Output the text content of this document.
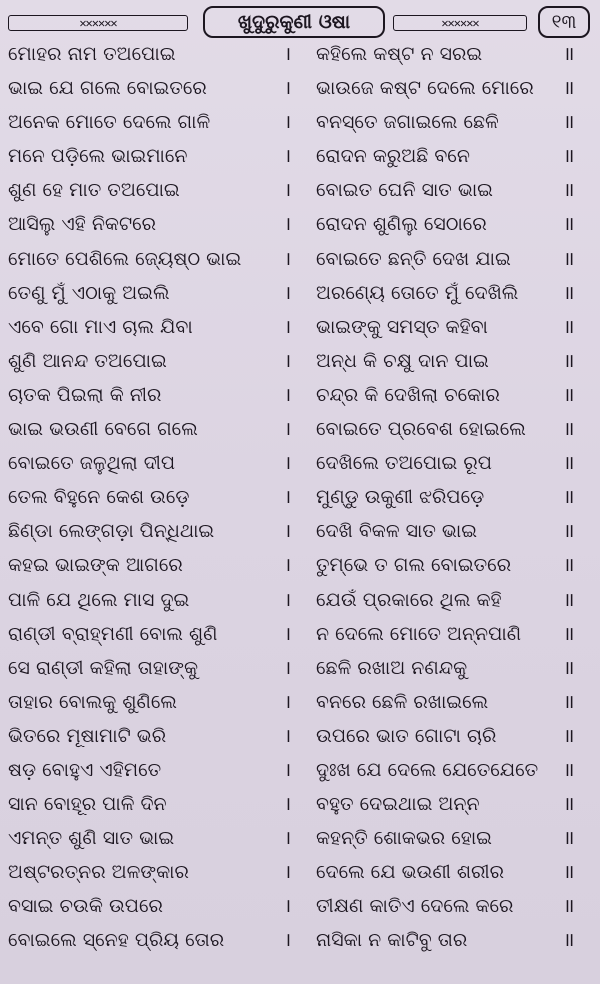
✕✕✕✕✕✕	ଖୁଦୁରୁକୁଣୀ ଓଷା	✕✕✕✕✕✕	୧୩
ମୋହର ନାମ ତଅପୋଇ	। କହିଲେ କଷ୍ଟ ନ ସରଇ	॥
ଭାଇ ଯେ ଗଲେ ବୋଇତରେ	। ଭାଉଜେ କଷ୍ଟ ଦେଲେ ମୋରେ ॥
ଅନେକ ମୋତେ ଦେଲେ ଗାଳି	। ବନସ୍ତେ ଜଗାଇଲେ ଛେଳି	॥
ମନେ ପଡ଼ିଲେ ଭାଇମାନେ	। ରୋଦନ କରୁଅଛି ବନେ	॥
ଶୁଣ ହେ ମାତ ତଅପୋଇ	। ବୋଇତ ଘେନି ସାତ ଭାଇ	॥
ଆସିଲୁ ଏହି ନିକଟରେ	। ରୋଦନ ଶୁଣିଲୁ ସେଠାରେ	॥
ମୋତେ ପେଶିଲେ ଜ୍ୟେଷ୍ଠ ଭାଇ । ବୋଇତେ ଛନ୍ତି ଦେଖ ଯାଇ	॥
ତେଣୁ ମୁଁ ଏଠାକୁ ଅଇଲି	। ଅରଣ୍ୟେ ତୋତେ ମୁଁ ଦେଖିଲି ॥
ଏବେ ଗୋ ମାଏ ଚାଲ ଯିବା	। ଭାଇଙ୍କୁ ସମସ୍ତ କହିବା	॥
ଶୁଣି ଆନନ୍ଦ ତଅପୋଇ	। ଅନ୍ଧ କି ଚକ୍ଷୁ ଦାନ ପାଇ	॥
ଚାତକ ପିଇଲା କି ନୀର	। ଚନ୍ଦ୍ର କି ଦେଖିଲା ଚକୋର	॥
ଭାଇ ଭଉଣୀ ବେଗେ ଗଲେ	। ବୋଇତେ ପ୍ରବେଶ ହୋଇଲେ ॥
ବୋଇତେ ଜଳୁଥିଲା ଦୀପ	। ଦେଖିଲେ ତଅପୋଇ ରୂପ	॥
ତେଲ ବିହୁନେ କେଶ ଉଡ଼େ	। ମୁଣ୍ଡୁ ଉକୁଣୀ ଝରିପଡ଼େ	॥
ଛିଣ୍ଡା ଲେଙ୍ଗଡ଼ା ପିନ୍ଧିଥାଇ	। ଦେଖି ବିକଳ ସାତ ଭାଇ	॥
କହଇ ଭାଇଙ୍କ ଆଗରେ	। ତୁମ୍ଭେ ତ ଗଲ ବୋଇତରେ	॥
ପାଳି ଯେ ଥିଲେ ମାସ ଦୁଇ	। ଯେଉଁ ପ୍ରକାରେ ଥିଲ କହି	॥
ରାଣ୍ଡୀ ବ୍ରାହ୍ମଣୀ ବୋଲ ଶୁଣି	। ନ ଦେଲେ ମୋତେ ଅନ୍ନପାଣି ॥
ସେ ରାଣ୍ଡୀ କହିଲା ତାହାଙ୍କୁ	। ଛେଳି ରଖାଅ ନଣନ୍ଦକୁ	॥
ତାହାର ବୋଲକୁ ଶୁଣିଲେ	। ବନରେ ଛେଳି ରଖାଇଲେ	॥
ଭିତରେ ମୂଷାମାଟି ଭରି	। ଉପରେ ଭାତ ଗୋଟା ଚାରି	॥
ଷଡ଼ ବୋହୁଏ ଏହିମତେ	। ଦୁଃଖ ଯେ ଦେଲେ ଯେତେଯେତେ ॥
ସାନ ବୋହୂର ପାଳି ଦିନ	। ବହୁତ ଦେଇଥାଇ ଅନ୍ନ	॥
ଏମନ୍ତ ଶୁଣି ସାତ ଭାଇ	। କହନ୍ତି ଶୋକଭର ହୋଇ	॥
ଅଷ୍ଟରତ୍ନର ଅଳଙ୍କାର	। ଦେଲେ ଯେ ଭଉଣୀ ଶରୀର	॥
ବସାଇ ଚଉକି ଉପରେ	। ତୀକ୍ଷଣ କାତିଏ ଦେଲେ କରେ	॥
ବୋଇଲେ ସ୍ନେହ ପ୍ରିୟ ତୋର	। ନାସିକା ନ କାଟିବୁ ତାର	॥
